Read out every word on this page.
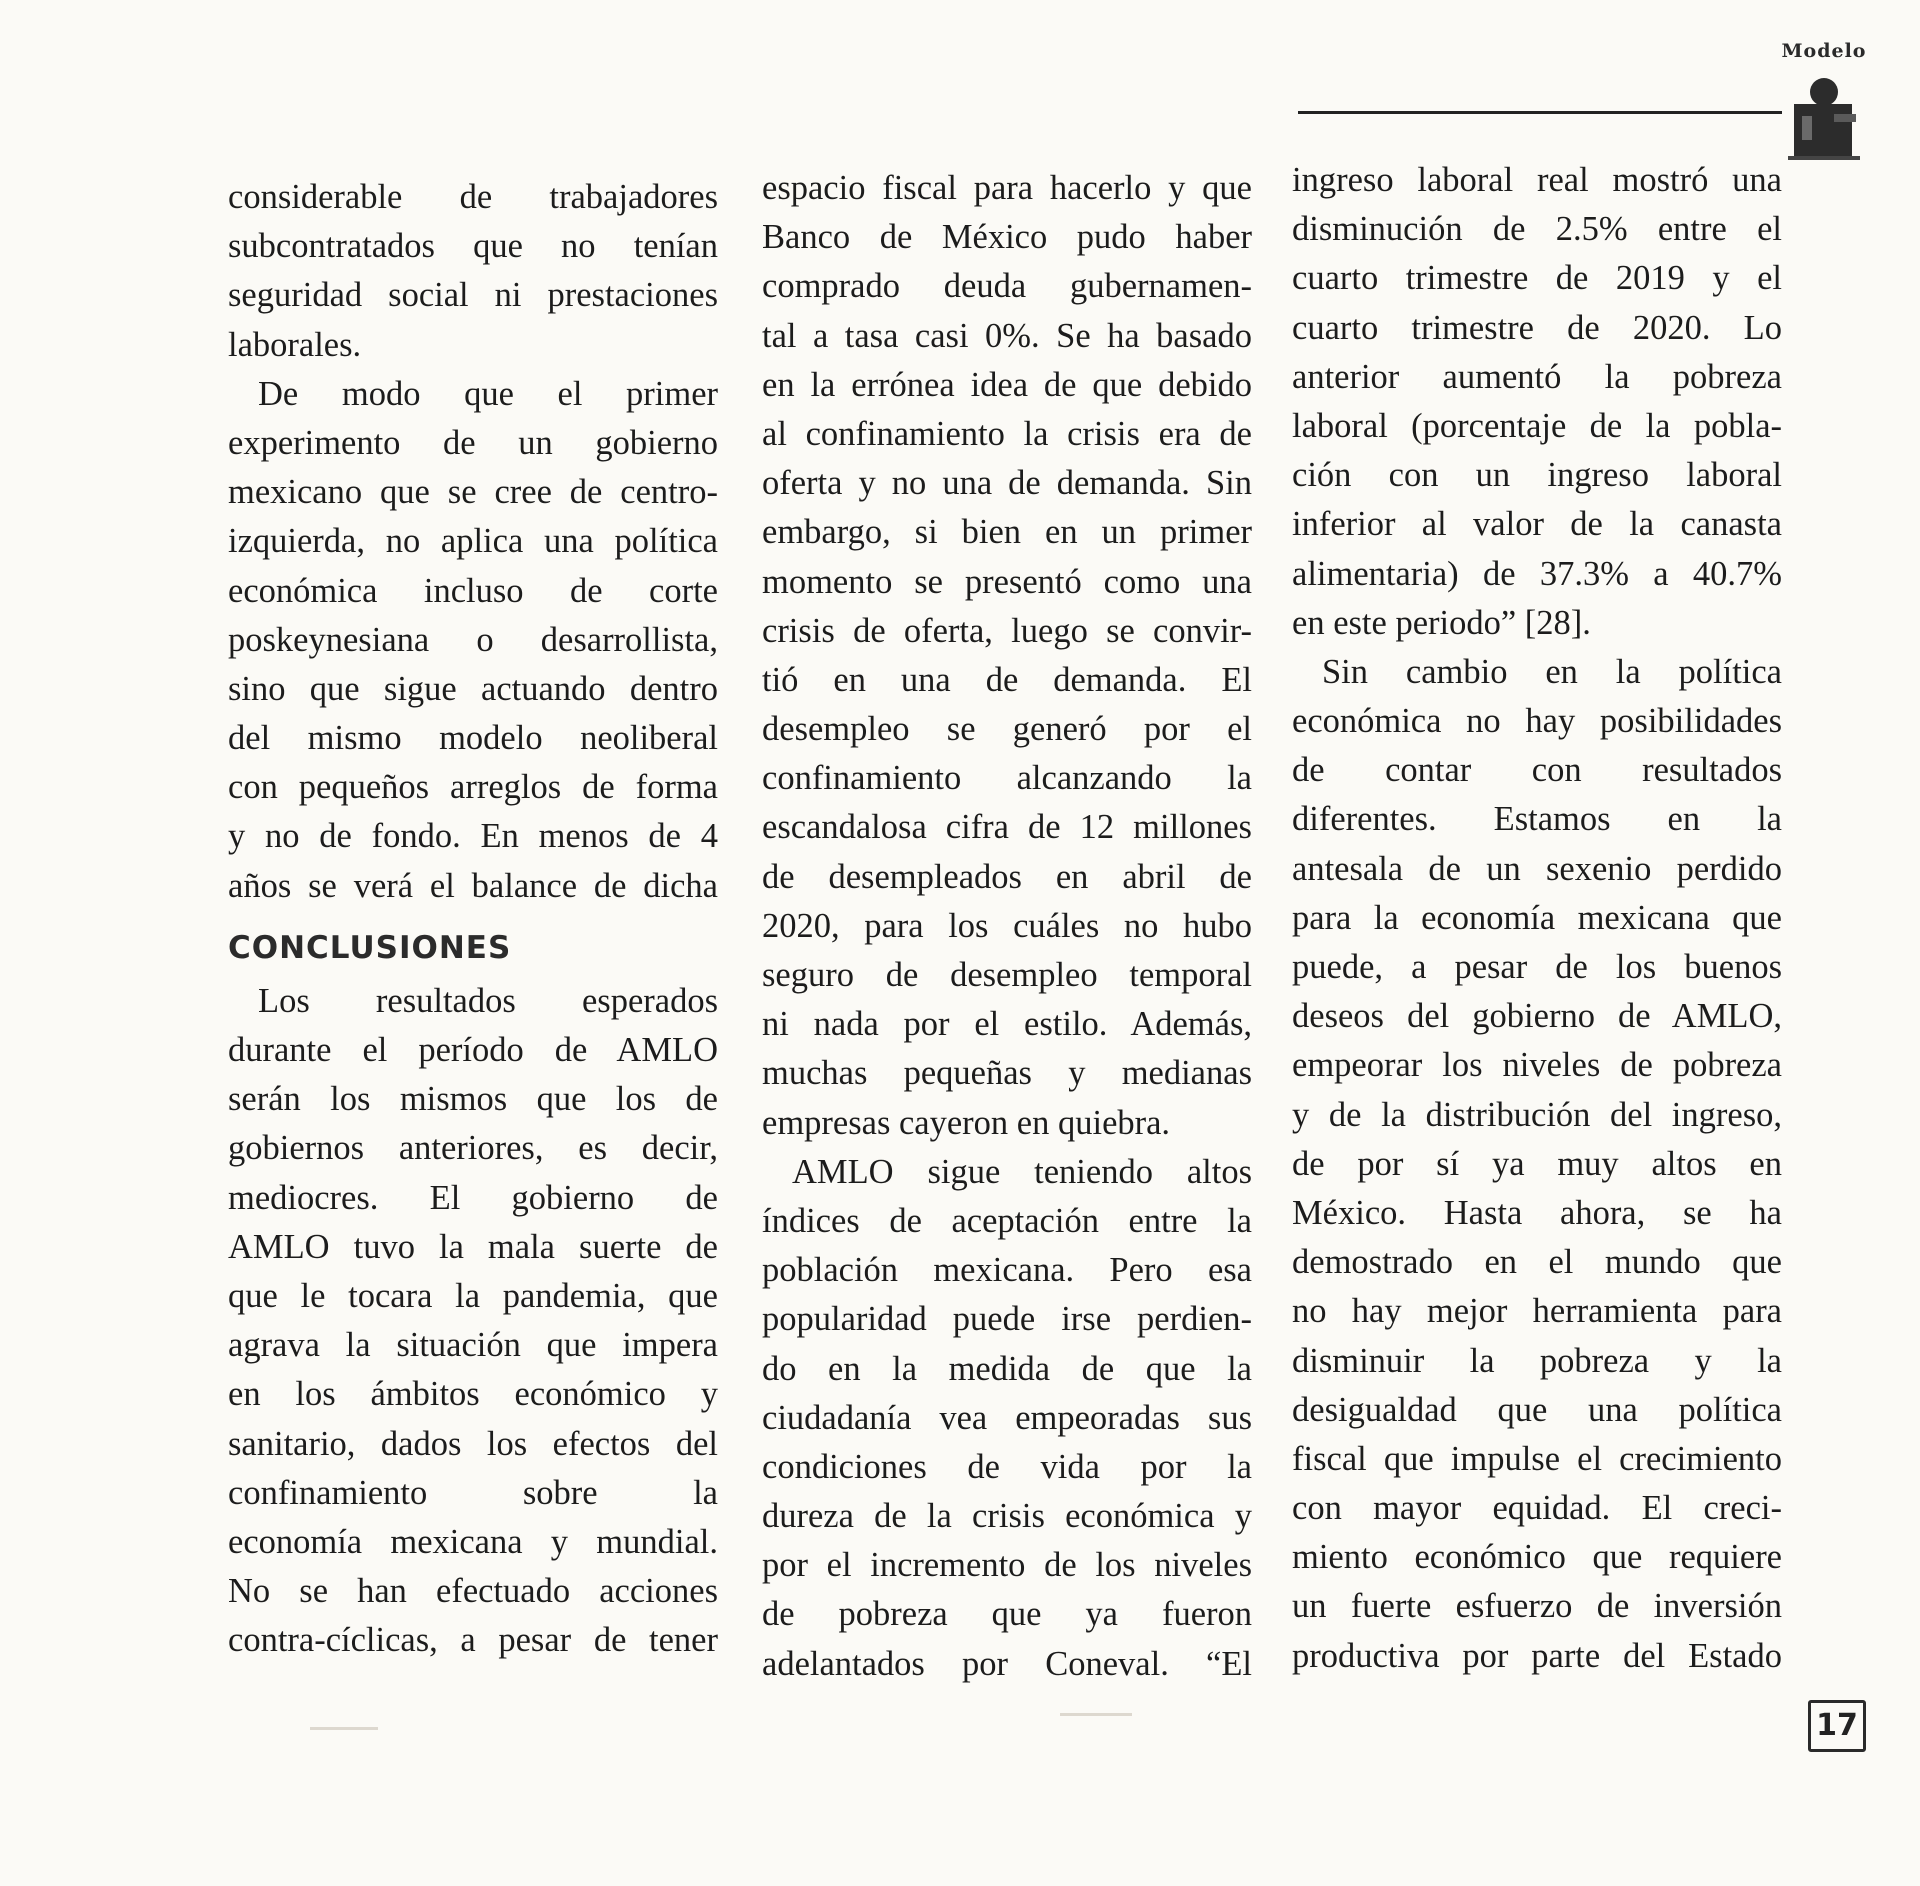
Modelo
considerable de trabajadores
subcontratados que no tenían
seguridad social ni prestaciones
laborales.
De modo que el primer
experimento de un gobierno
mexicano que se cree de centro-
izquierda, no aplica una política
económica incluso de corte
poskeynesiana o desarrollista,
sino que sigue actuando dentro
del mismo modelo neoliberal
con pequeños arreglos de forma
y no de fondo. En menos de 4
años se verá el balance de dicha
CONCLUSIONES
Los resultados esperados
durante el período de AMLO
serán los mismos que los de
gobiernos anteriores, es decir,
mediocres. El gobierno de
AMLO tuvo la mala suerte de
que le tocara la pandemia, que
agrava la situación que impera
en los ámbitos económico y
sanitario, dados los efectos del
confinamiento sobre la
economía mexicana y mundial.
No se han efectuado acciones
contra-cíclicas, a pesar de tener
espacio fiscal para hacerlo y que
Banco de México pudo haber
comprado deuda gubernamen-
tal a tasa casi 0%. Se ha basado
en la errónea idea de que debido
al confinamiento la crisis era de
oferta y no una de demanda. Sin
embargo, si bien en un primer
momento se presentó como una
crisis de oferta, luego se convir-
tió en una de demanda. El
desempleo se generó por el
confinamiento alcanzando la
escandalosa cifra de 12 millones
de desempleados en abril de
2020, para los cuáles no hubo
seguro de desempleo temporal
ni nada por el estilo. Además,
muchas pequeñas y medianas
empresas cayeron en quiebra.
AMLO sigue teniendo altos
índices de aceptación entre la
población mexicana. Pero esa
popularidad puede irse perdien-
do en la medida de que la
ciudadanía vea empeoradas sus
condiciones de vida por la
dureza de la crisis económica y
por el incremento de los niveles
de pobreza que ya fueron
adelantados por Coneval. “El
ingreso laboral real mostró una
disminución de 2.5% entre el
cuarto trimestre de 2019 y el
cuarto trimestre de 2020. Lo
anterior aumentó la pobreza
laboral (porcentaje de la pobla-
ción con un ingreso laboral
inferior al valor de la canasta
alimentaria) de 37.3% a 40.7%
en este periodo” [28].
Sin cambio en la política
económica no hay posibilidades
de contar con resultados
diferentes. Estamos en la
antesala de un sexenio perdido
para la economía mexicana que
puede, a pesar de los buenos
deseos del gobierno de AMLO,
empeorar los niveles de pobreza
y de la distribución del ingreso,
de por sí ya muy altos en
México. Hasta ahora, se ha
demostrado en el mundo que
no hay mejor herramienta para
disminuir la pobreza y la
desigualdad que una política
fiscal que impulse el crecimiento
con mayor equidad. El creci-
miento económico que requiere
un fuerte esfuerzo de inversión
productiva por parte del Estado
17
